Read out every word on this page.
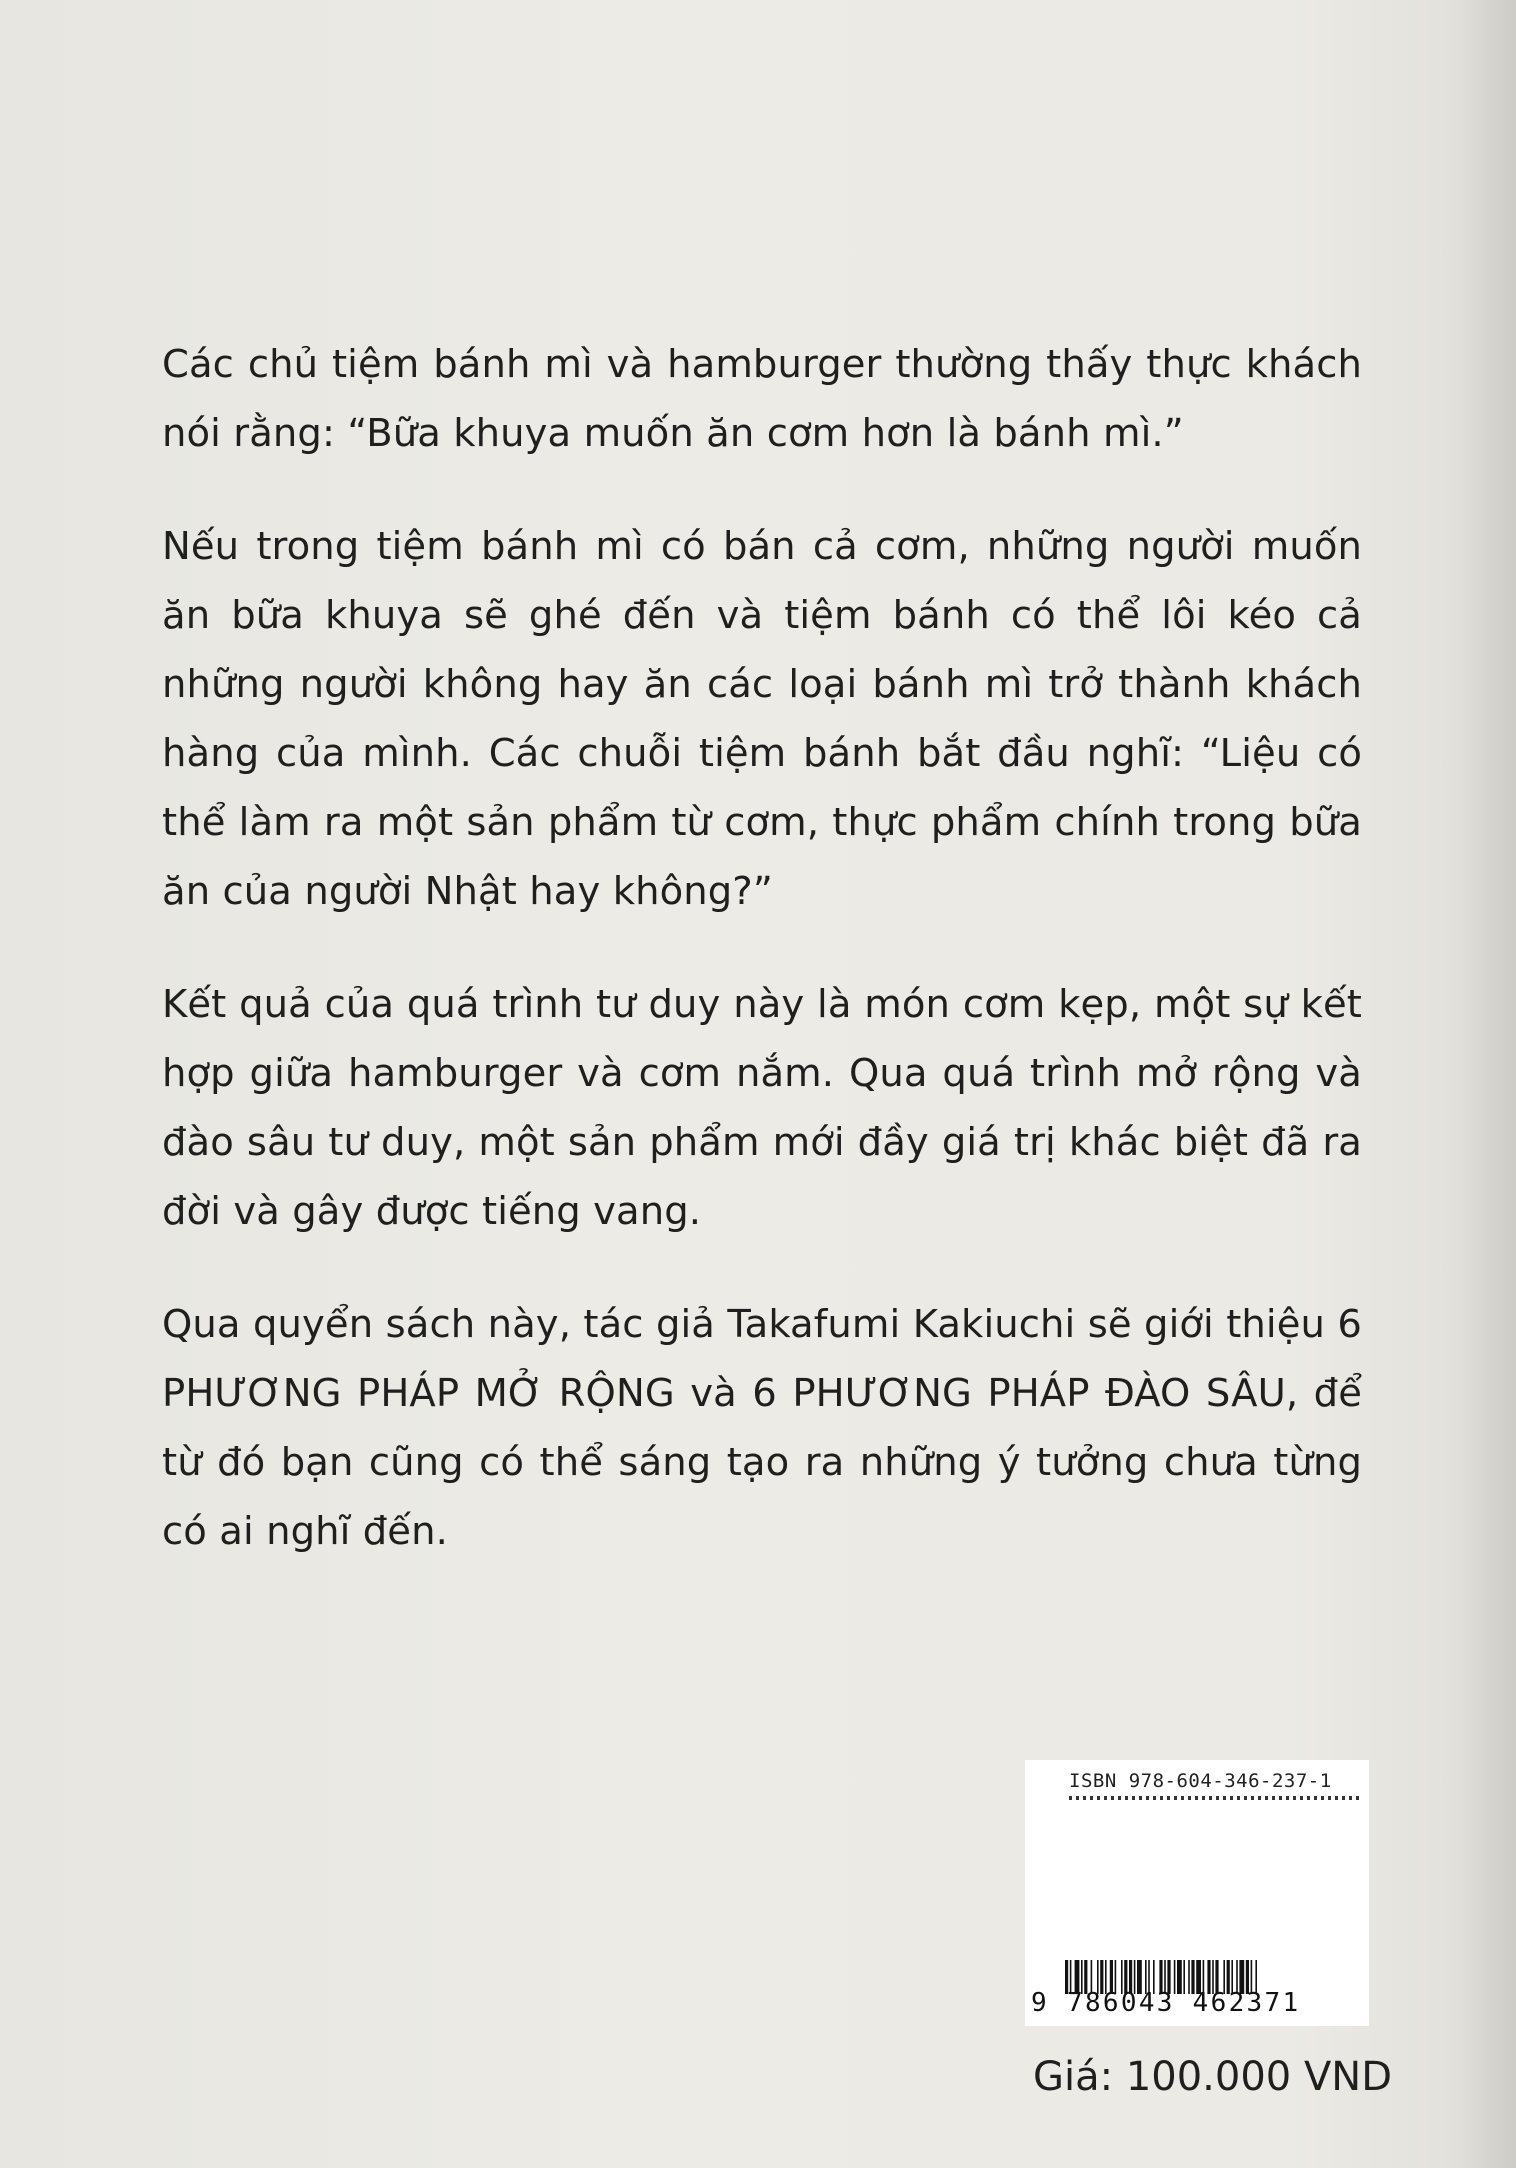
Các chủ tiệm bánh mì và hamburger thường thấy thực khách nói rằng: “Bữa khuya muốn ăn cơm hơn là bánh mì.”

Nếu trong tiệm bánh mì có bán cả cơm, những người muốn ăn bữa khuya sẽ ghé đến và tiệm bánh có thể lôi kéo cả những người không hay ăn các loại bánh mì trở thành khách hàng của mình. Các chuỗi tiệm bánh bắt đầu nghĩ: “Liệu có thể làm ra một sản phẩm từ cơm, thực phẩm chính trong bữa ăn của người Nhật hay không?”

Kết quả của quá trình tư duy này là món cơm kẹp, một sự kết hợp giữa hamburger và cơm nắm. Qua quá trình mở rộng và đào sâu tư duy, một sản phẩm mới đầy giá trị khác biệt đã ra đời và gây được tiếng vang.

Qua quyển sách này, tác giả Takafumi Kakiuchi sẽ giới thiệu 6 PHƯƠNG PHÁP MỞ RỘNG và 6 PHƯƠNG PHÁP ĐÀO SÂU, để từ đó bạn cũng có thể sáng tạo ra những ý tưởng chưa từng có ai nghĩ đến.

ISBN 978-604-346-237-1
9 786043 462371
Giá: 100.000 VND
